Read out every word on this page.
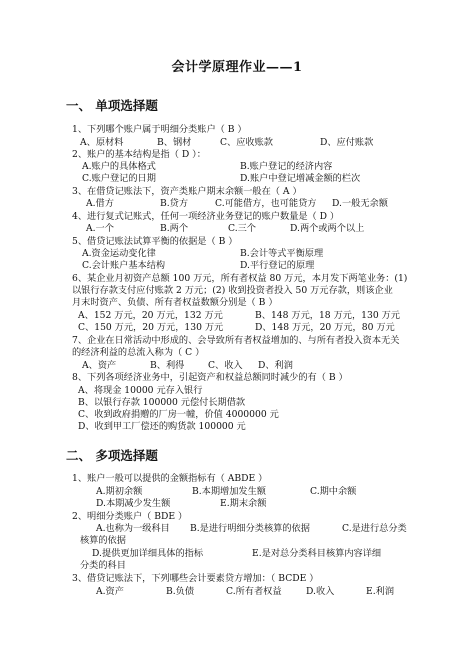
会计学原理作业——1
一、 单项选择题
1、下列哪个账户属于明细分类账户（ B ）
A、原材料	B、钢材	C、应收账款	D、应付账款
2、账户的基本结构是指（ D ）：
A.账户的具体格式	B.账户登记的经济内容
C.账户登记的日期	D.账户中登记增减金额的栏次
3、在借贷记账法下，资产类账户期末余额一般在（ A ）
A.借方	B.贷方	C.可能借方，也可能贷方 D.一般无余额
4、进行复式记账式，任何一项经济业务登记的账户数量是（ D ）
A.一个	B.两个	C.三个	D.两个或两个以上
5、借贷记账法试算平衡的依据是（ B ）
A.资金运动变化律	B.会计等式平衡原理
C.会计账户基本结构	D.平行登记的原理
6、某企业月初资产总额 100 万元，所有者权益 80 万元，本月发下两笔业务：(1)
以银行存款支付应付账款 2 万元；(2) 收到投资者投入 50 万元存款，则该企业
月末时资产、负债、所有者权益数额分别是（ B ）
A、152 万元，20 万元，132 万元	B、148 万元，18 万元，130 万元
C、150 万元，20 万元，130 万元	D、148 万元，20 万元，80 万元
7、企业在日常活动中形成的、会导致所有者权益增加的、与所有者投入资本无关
的经济利益的总流入称为（ C ）
A、资产	B、利得	C、收入 D、利润
8、下列各项经济业务中，引起资产和权益总额同时减少的有（ B ）
A、将现金 10000 元存入银行
B、以银行存款 100000 元偿付长期借款
C、收到政府捐赠的厂房一幢，价值 4000000 元
D、收到甲工厂偿还的购货款 100000 元
二、 多项选择题
1、账户一般可以提供的金额指标有（ ABDE ）
A.期初余额	B.本期增加发生额	C.期中余额
D.本期减少发生额	E.期末余额
2、明细分类账户（ BDE ）
A.也称为一级科目 B.是进行明细分类核算的依据	C.是进行总分类
核算的依据
D.提供更加详细具体的指标	E.是对总分类科目核算内容详细
分类的科目
3、借贷记账法下，下列哪些会计要素贷方增加：（ BCDE ）
A.资产	B.负债	C.所有者权益	D.收入	E.利润
